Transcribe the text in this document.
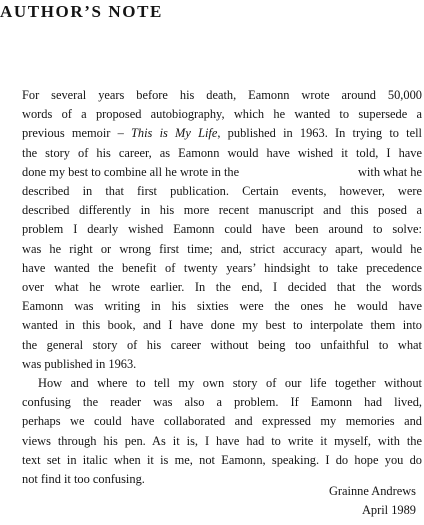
AUTHOR’S NOTE

For several years before his death, Eamonn wrote around 50,000
words of a proposed autobiography, which he wanted to supersede a
previous memoir – This is My Life, published in 1963. In trying to tell
the story of his career, as Eamonn would have wished it told, I have
done my best to combine all he wrote in the	with what he
described in that first publication. Certain events, however, were
described differently in his more recent manuscript and this posed a
problem I dearly wished Eamonn could have been around to solve:
was he right or wrong first time; and, strict accuracy apart, would he
have wanted the benefit of twenty years’ hindsight to take precedence
over what he wrote earlier. In the end, I decided that the words
Eamonn was writing in his sixties were the ones he would have
wanted in this book, and I have done my best to interpolate them into
the general story of his career without being too unfaithful to what
was published in 1963.

How and where to tell my own story of our life together without
confusing the reader was also a problem. If Eamonn had lived,
perhaps we could have collaborated and expressed my memories and
views through his pen. As it is, I have had to write it myself, with the
text set in italic when it is me, not Eamonn, speaking. I do hope you do
not find it too confusing.

Grainne Andrews
April 1989
